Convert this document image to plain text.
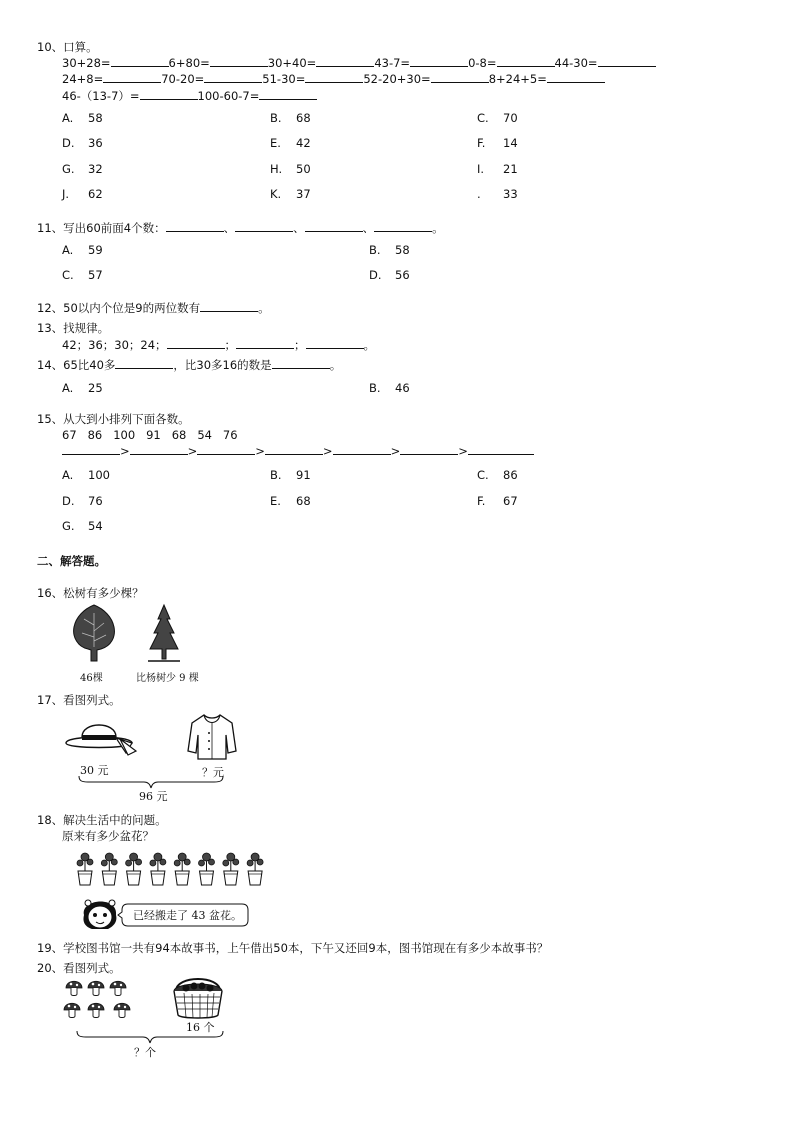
10、口算。
30+28=	6+80=	30+40=	43-7=	0-8=	44-30=
24+8=	70-20=	51-30=	52-20+30=	8+24+5=
46-（13-7）=	100-60-7=
A. 58	B. 68	C. 70
D. 36	E. 42	F. 14
G. 32	H. 50	I. 21
J. 62	K. 37	. 33
11、写出60前面4个数：	、	、	、	。
A. 59	B. 58
C. 57	D. 56
12、50以内个位是9的两位数有	。
13、找规律。
42；36；30；24；	；	；	。
14、65比40多	，比30多16的数是	。
A. 25	B. 46
15、从大到小排列下面各数。
67   86   100   91   68   54   76
>	>	>	>	>	>
A. 100	B. 91	C. 86
D. 76	E. 68	F. 67
G. 54
二、解答题。
16、松树有多少棵？
46棵	比杨树少 9 棵
17、看图列式。
30 元	？元
96 元
18、解决生活中的问题。
原来有多少盆花？
已经搬走了 43 盆花。
19、学校图书馆一共有94本故事书，上午借出50本，下午又还回9本，图书馆现在有多少本故事书？
20、看图列式。
16 个
？个
